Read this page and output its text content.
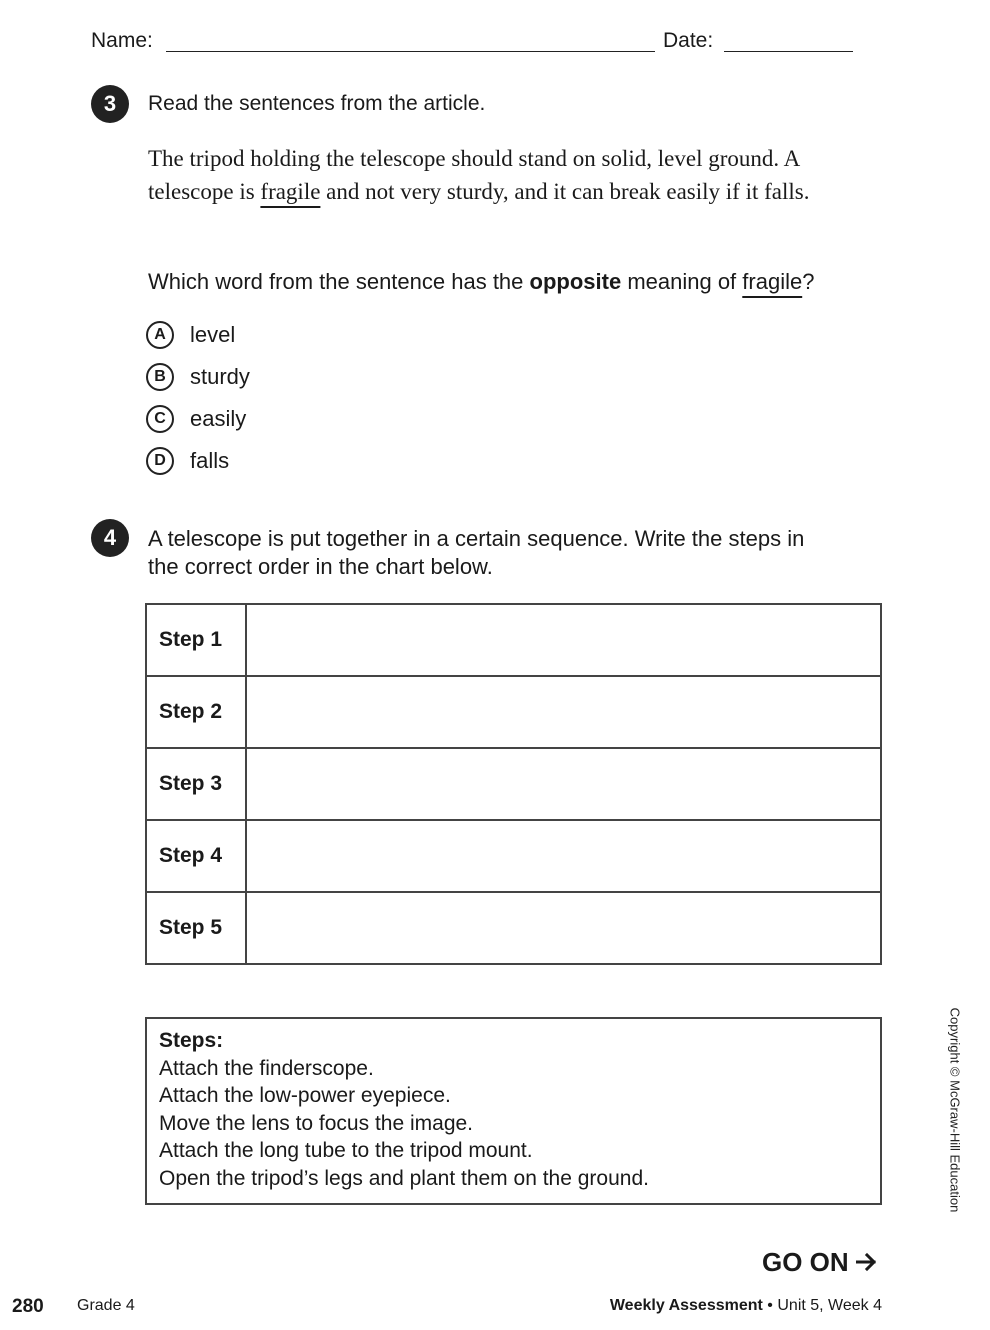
Name:	Date:
3	Read the sentences from the article.
The tripod holding the telescope should stand on solid, level ground. A telescope is fragile and not very sturdy, and it can break easily if it falls.
Which word from the sentence has the opposite meaning of fragile?
A	level
B	sturdy
C	easily
D	falls
4	A telescope is put together in a certain sequence. Write the steps in
the correct order in the chart below.
Step 1	
Step 2	
Step 3	
Step 4	
Step 5	
Steps:
Attach the finderscope.
Attach the low-power eyepiece.
Move the lens to focus the image.
Attach the long tube to the tripod mount.
Open the tripod’s legs and plant them on the ground.	Copyright © McGraw-Hill Education
GO ON
280 Grade 4	Weekly Assessment • Unit 5, Week 4
